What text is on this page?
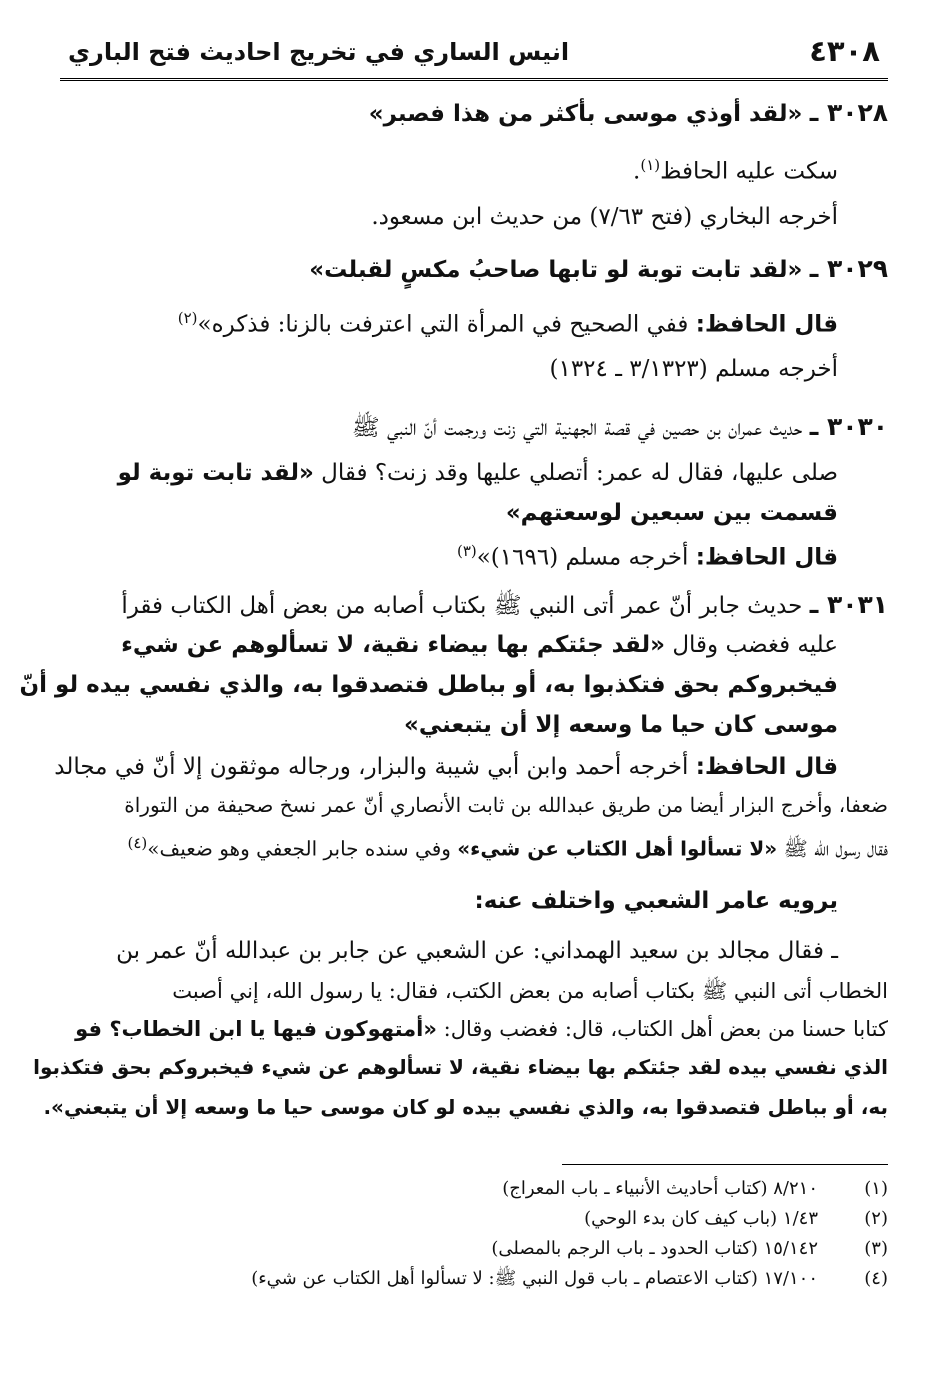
٤٣٠٨
انيس الساري في تخريج احاديث فتح الباري
٣٠٢٨ ـ «لقد أوذي موسى بأكثر من هذا فصبر»
سكت عليه الحافظ$^{(١)}$.
أخرجه البخاري (فتح ٧/٦٣) من حديث ابن مسعود.
٣٠٢٩ ـ «لقد تابت توبة لو تابها صاحبُ مكسٍ لقبلت»
قال الحافظ: ففي الصحيح في المرأة التي اعترفت بالزنا: فذكره»$^{(٢)}$
أخرجه مسلم (٣/١٣٢٣ ـ ١٣٢٤)
٣٠٣٠ ـ حديث عمران بن حصين في قصة الجهنية التي زنت ورجمت أنّ النبي ﷺ
صلى عليها، فقال له عمر: أتصلي عليها وقد زنت؟ فقال «لقد تابت توبة لو
قسمت بين سبعين لوسعتهم»
قال الحافظ: أخرجه مسلم (١٦٩٦)»$^{(٣)}$
٣٠٣١ ـ حديث جابر أنّ عمر أتى النبي ﷺ بكتاب أصابه من بعض أهل الكتاب فقرأ
عليه فغضب وقال «لقد جئتكم بها بيضاء نقية، لا تسألوهم عن شيء
فيخبروكم بحق فتكذبوا به، أو بباطل فتصدقوا به، والذي نفسي بيده لو أنّ
موسى كان حيا ما وسعه إلا أن يتبعني»
قال الحافظ: أخرجه أحمد وابن أبي شيبة والبزار، ورجاله موثقون إلا أنّ في مجالد
ضعفا، وأخرج البزار أيضا من طريق عبدالله بن ثابت الأنصاري أنّ عمر نسخ صحيفة من التوراة
فقال رسول الله ﷺ «لا تسألوا أهل الكتاب عن شيء» وفي سنده جابر الجعفي وهو ضعيف»$^{(٤)}$
يرويه عامر الشعبي واختلف عنه:
ـ فقال مجالد بن سعيد الهمداني: عن الشعبي عن جابر بن عبدالله أنّ عمر بن
الخطاب أتى النبي ﷺ بكتاب أصابه من بعض الكتب، فقال: يا رسول الله، إني أصبت
كتابا حسنا من بعض أهل الكتاب، قال: فغضب وقال: «أمتهوكون فيها يا ابن الخطاب؟ فو
الذي نفسي بيده لقد جئتكم بها بيضاء نقية، لا تسألوهم عن شيء فيخبروكم بحق فتكذبوا
به، أو بباطل فتصدقوا به، والذي نفسي بيده لو كان موسى حيا ما وسعه إلا أن يتبعني».
(١)٨/٢١٠ (كتاب أحاديث الأنبياء ـ باب المعراج)
(٢)١/٤٣ (باب كيف كان بدء الوحي)
(٣)١٥/١٤٢ (كتاب الحدود ـ باب الرجم بالمصلى)
(٤)١٧/١٠٠ (كتاب الاعتصام ـ باب قول النبي ﷺ: لا تسألوا أهل الكتاب عن شيء)
